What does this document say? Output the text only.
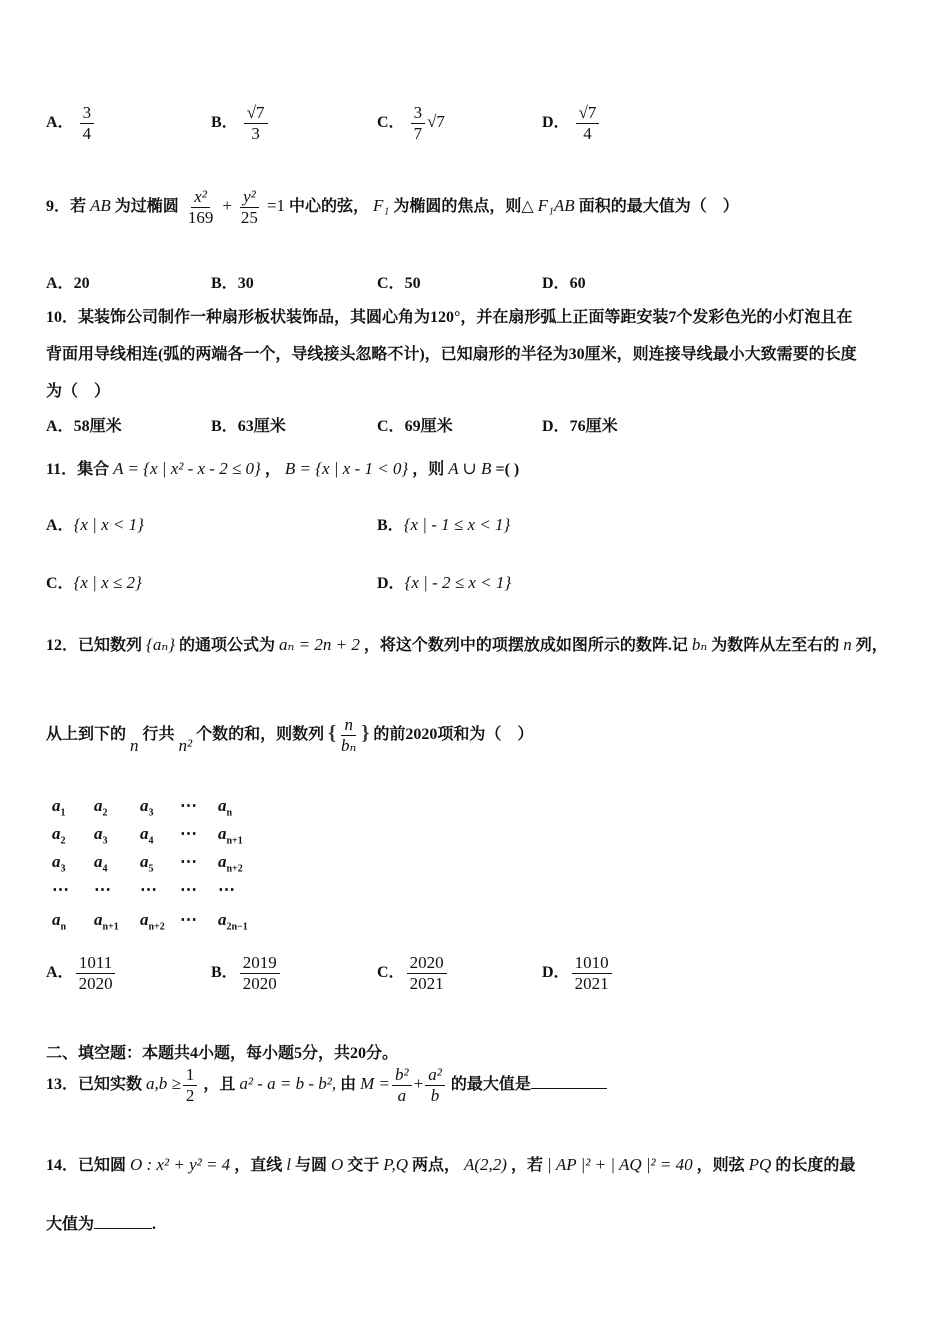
A． $\frac{3}{4}$	B． $\frac{√7}{3}$	C． $\frac{3}{7} √7$	D． $\frac{√7}{4}$
9．若 AB 为过椭圆 $\frac{\text{x²}}{169} + \frac{\text{y²}}{25} =1$ 中心的弦， F₁ 为椭圆的焦点，则△ F₁AB 面积的最大值为（　）
A．20	B．30	C．50	D．60
10．某装饰公司制作一种扇形板状装饰品，其圆心角为120°，并在扇形弧上正面等距安装7个发彩色光的小灯泡且在
背面用导线相连(弧的两端各一个，导线接头忽略不计)，已知扇形的半径为30厘米，则连接导线最小大致需要的长度
为（　）
A．58厘米	B．63厘米	C．69厘米	D．76厘米
11．集合 A = {x | x² - x - 2 ≤ 0} ， B = {x | x - 1 < 0} ，则 A ∪ B =( )
A．{x | x < 1}	B．{x | - 1 ≤ x < 1}
C．{x | x ≤ 2}	D．{x | - 2 ≤ x < 1}
12．已知数列 {aₙ} 的通项公式为 aₙ = 2n + 2 ，将这个数列中的项摆放成如图所示的数阵.记 bₙ 为数阵从左至右的 n 列，
从上到下的 n 行共 n² 个数的和，则数列 { $\frac{n}{\text{bₙ}}$ } 的前2020项和为（　）
$a_1$ $a_2$ $a_3$ ⋯ $a_n$
$a_2$ $a_3$ $a_4$ ⋯ $a_{n+1}$
$a_3$ $a_4$ $a_5$ ⋯ $a_{n+2}$
⋯ ⋯ ⋯ ⋯ ⋯
$a_n$ $a_{n+1}$ $a_{n+2}$ ⋯ $a_{2n-1}$
A． $\frac{1011}{2020}$	B． $\frac{2019}{2020}$	C． $\frac{2020}{2021}$	D． $\frac{1010}{2021}$
二、填空题：本题共4小题，每小题5分，共20分。
13．已知实数 $a,b \ge \frac{1}{2}$ ，且 a² - a = b - b², 由 $M = \frac{\text{b²}}{a} + \frac{\text{a²}}{b}$ 的最大值是
14．已知圆 O : x² + y² = 4 ，直线 l 与圆 O 交于 P,Q 两点， A(2,2) ，若 | AP |² + | AQ |² = 40 ，则弦 PQ 的长度的最
大值为	.
